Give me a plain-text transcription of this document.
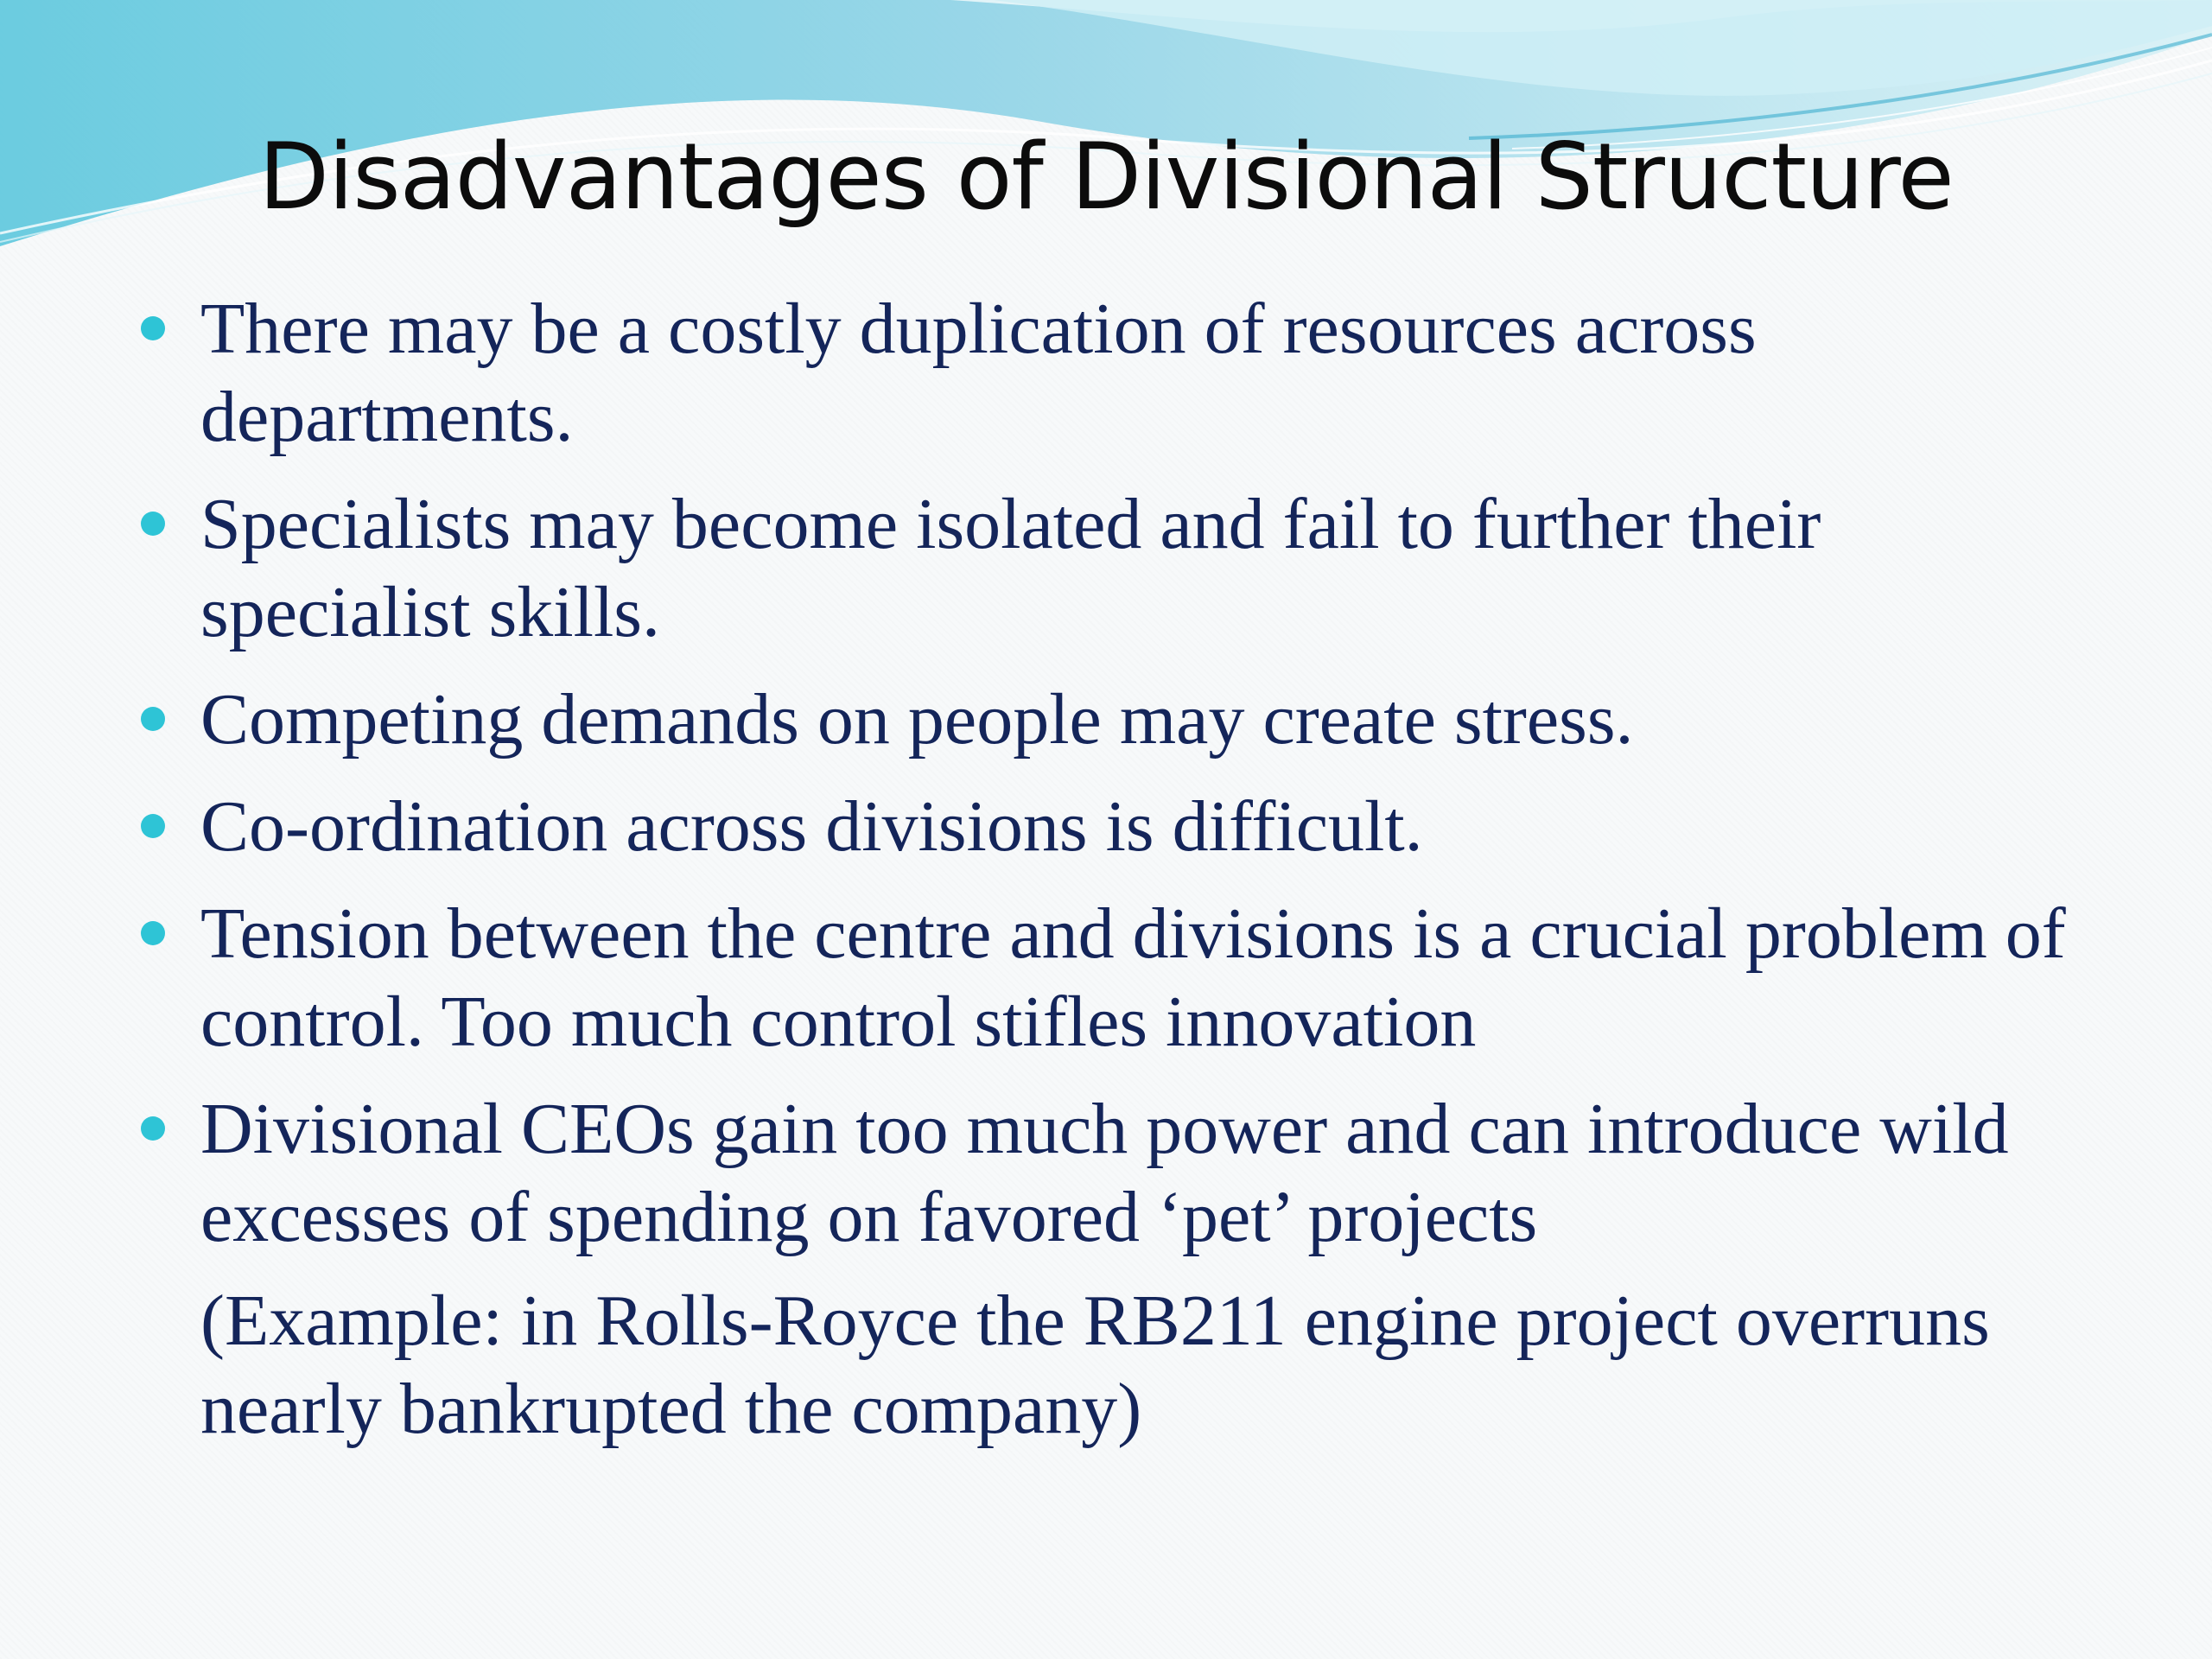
Disadvantages of Divisional Structure
There may be a costly duplication of resources across departments.
Specialists may become isolated and fail to further their specialist skills.
Competing demands on people may create stress.
Co-ordination across divisions is difficult.
Tension between the centre and divisions is a crucial problem of control. Too much control stifles innovation
Divisional CEOs gain too much power and can introduce wild excesses of spending on favored ‘pet’ projects
(Example: in Rolls-Royce the RB211 engine project overruns nearly bankrupted the company)
